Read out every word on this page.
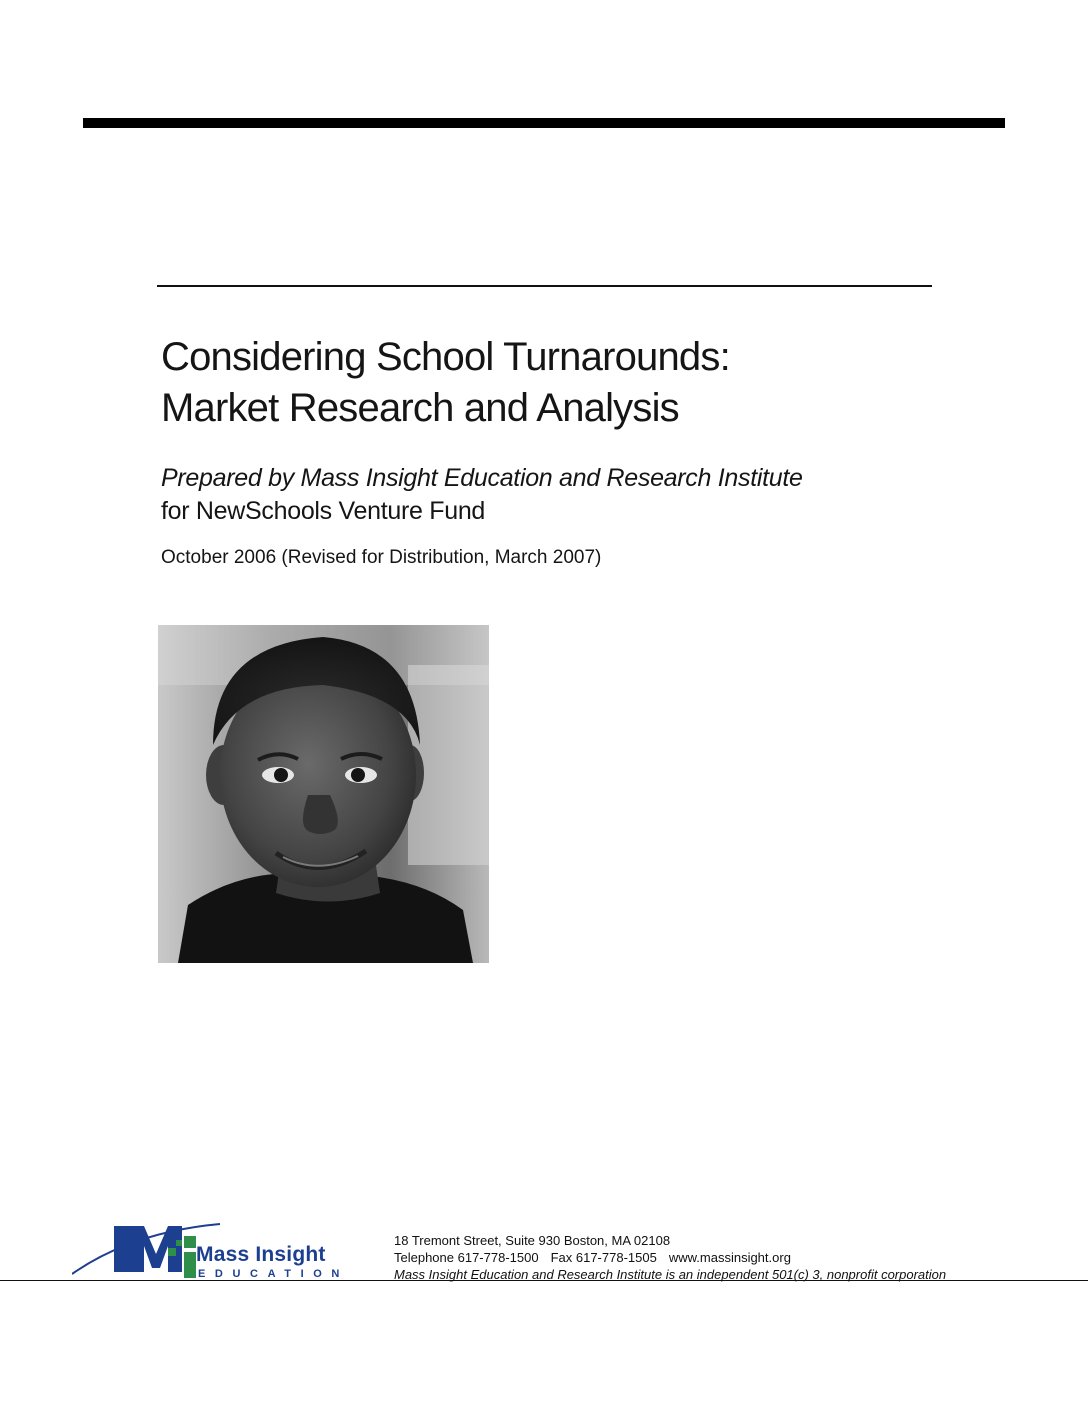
Considering School Turnarounds:
Market Research and Analysis
Prepared by Mass Insight Education and Research Institute
for NewSchools Venture Fund
October 2006 (Revised for Distribution, March 2007)
Mass Insight
EDUCATION
18 Tremont Street, Suite 930 Boston, MA 02108
Telephone 617-778-1500 Fax 617-778-1505 www.massinsight.org
Mass Insight Education and Research Institute is an independent 501(c) 3, nonprofit corporation
